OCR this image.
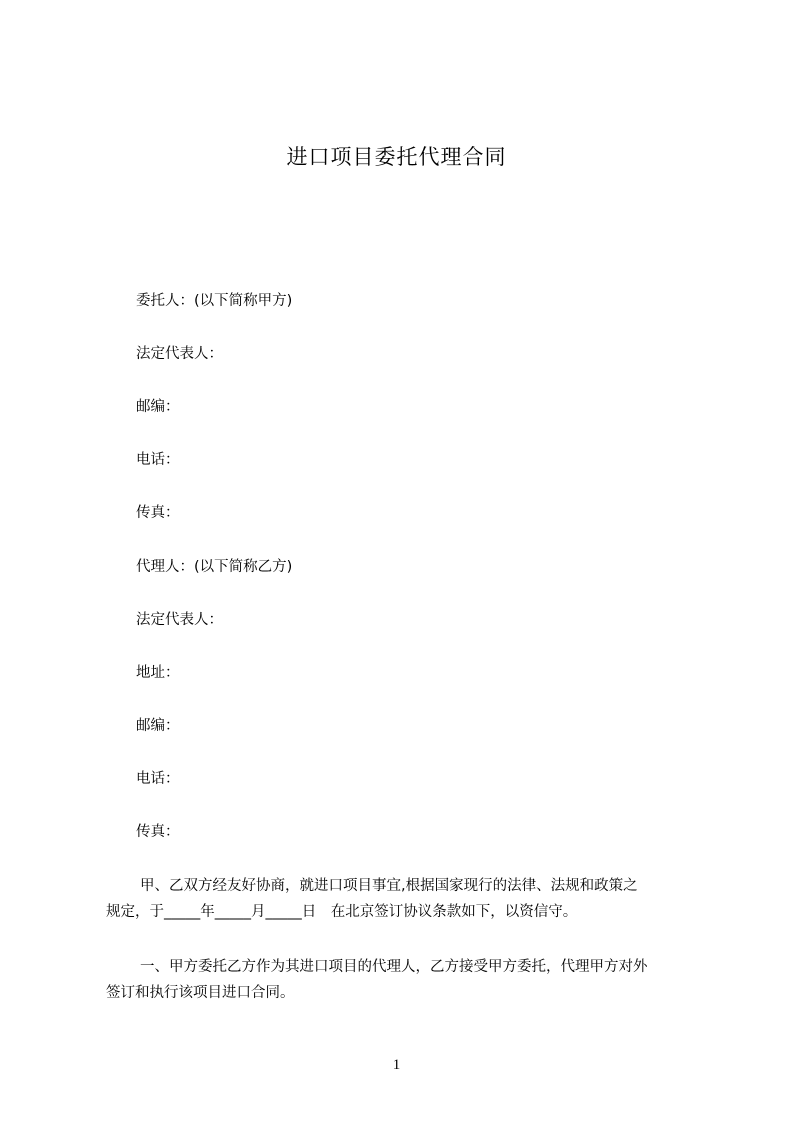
进口项目委托代理合同
委托人：(以下简称甲方)
法定代表人：
邮编：
电话：
传真：
代理人：(以下简称乙方)
法定代表人：
地址：
邮编：
电话：
传真：
甲、乙双方经友好协商，就进口项目事宜,根据国家现行的法律、法规和政策之
规定，于_____年_____月_____日　在北京签订协议条款如下，以资信守。
一、甲方委托乙方作为其进口项目的代理人，乙方接受甲方委托，代理甲方对外
签订和执行该项目进口合同。
1
